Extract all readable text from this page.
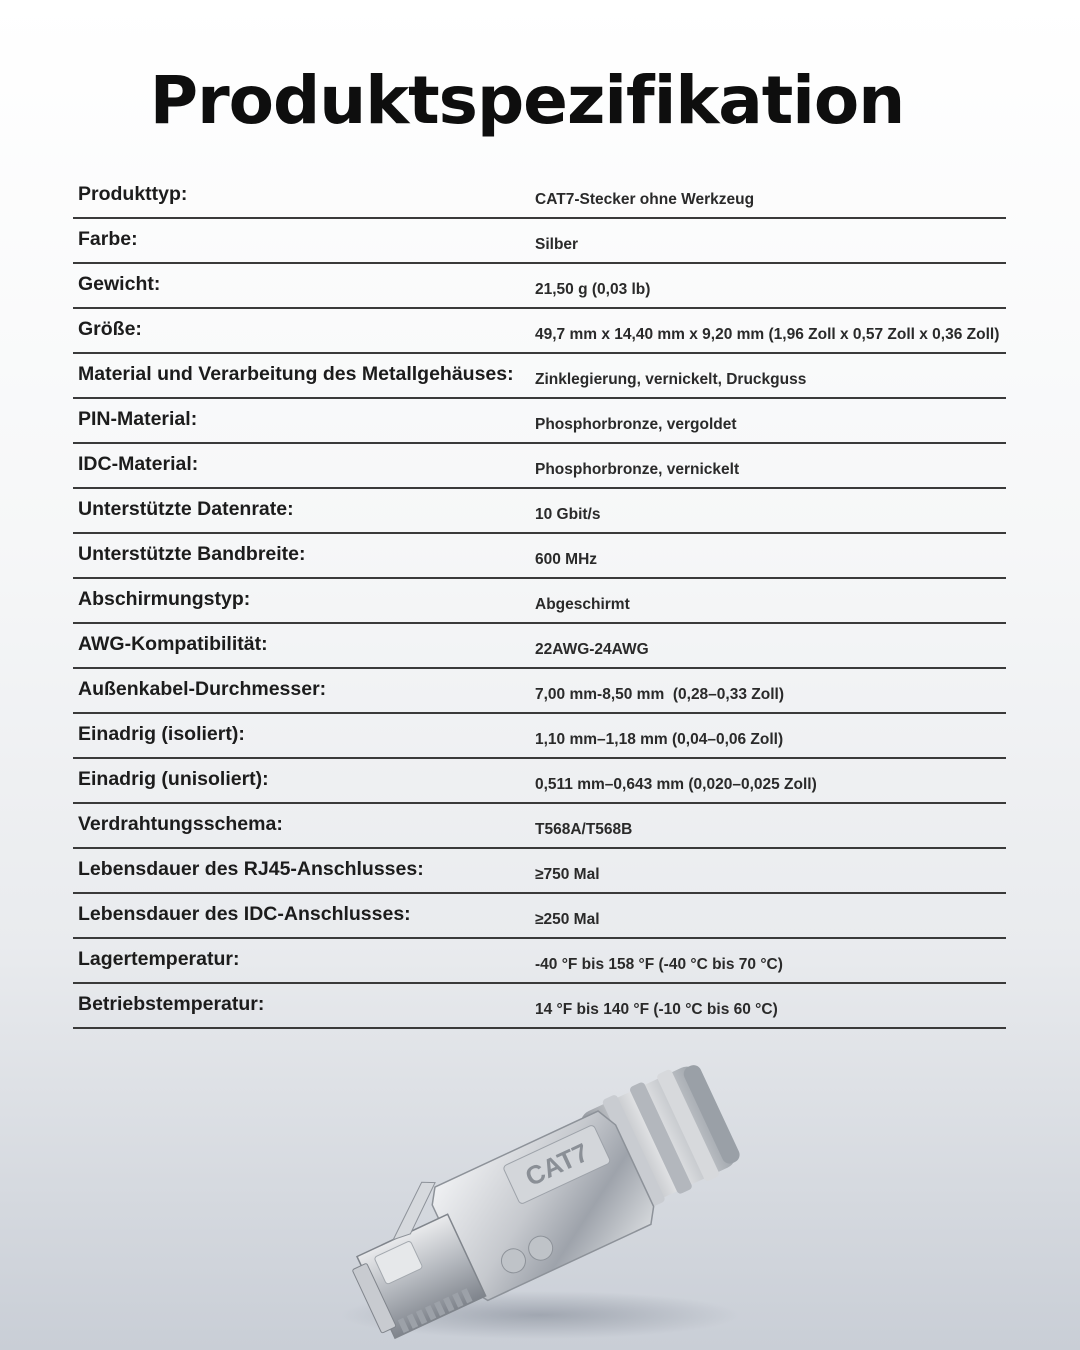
Produktspezifikation
Produkttyp:	CAT7-Stecker ohne Werkzeug
Farbe:	Silber
Gewicht:	21,50 g (0,03 lb)
Größe:	49,7 mm x 14,40 mm x 9,20 mm (1,96 Zoll x 0,57 Zoll x 0,36 Zoll)
Material und Verarbeitung des Metallgehäuses: Zinklegierung, vernickelt, Druckguss
PIN-Material:	Phosphorbronze, vergoldet
IDC-Material:	Phosphorbronze, vernickelt
Unterstützte Datenrate:	10 Gbit/s
Unterstützte Bandbreite:	600 MHz
Abschirmungstyp:	Abgeschirmt
AWG-Kompatibilität:	22AWG-24AWG
Außenkabel-Durchmesser:	7,00 mm-8,50 mm  (0,28–0,33 Zoll)
Einadrig (isoliert):	1,10 mm–1,18 mm (0,04–0,06 Zoll)
Einadrig (unisoliert):	0,511 mm–0,643 mm (0,020–0,025 Zoll)
Verdrahtungsschema:	T568A/T568B
Lebensdauer des RJ45-Anschlusses:	≥750 Mal
Lebensdauer des IDC-Anschlusses:	≥250 Mal
Lagertemperatur:	-40 °F bis 158 °F (-40 °C bis 70 °C)
Betriebstemperatur:	14 °F bis 140 °F (-10 °C bis 60 °C)
CAT7
